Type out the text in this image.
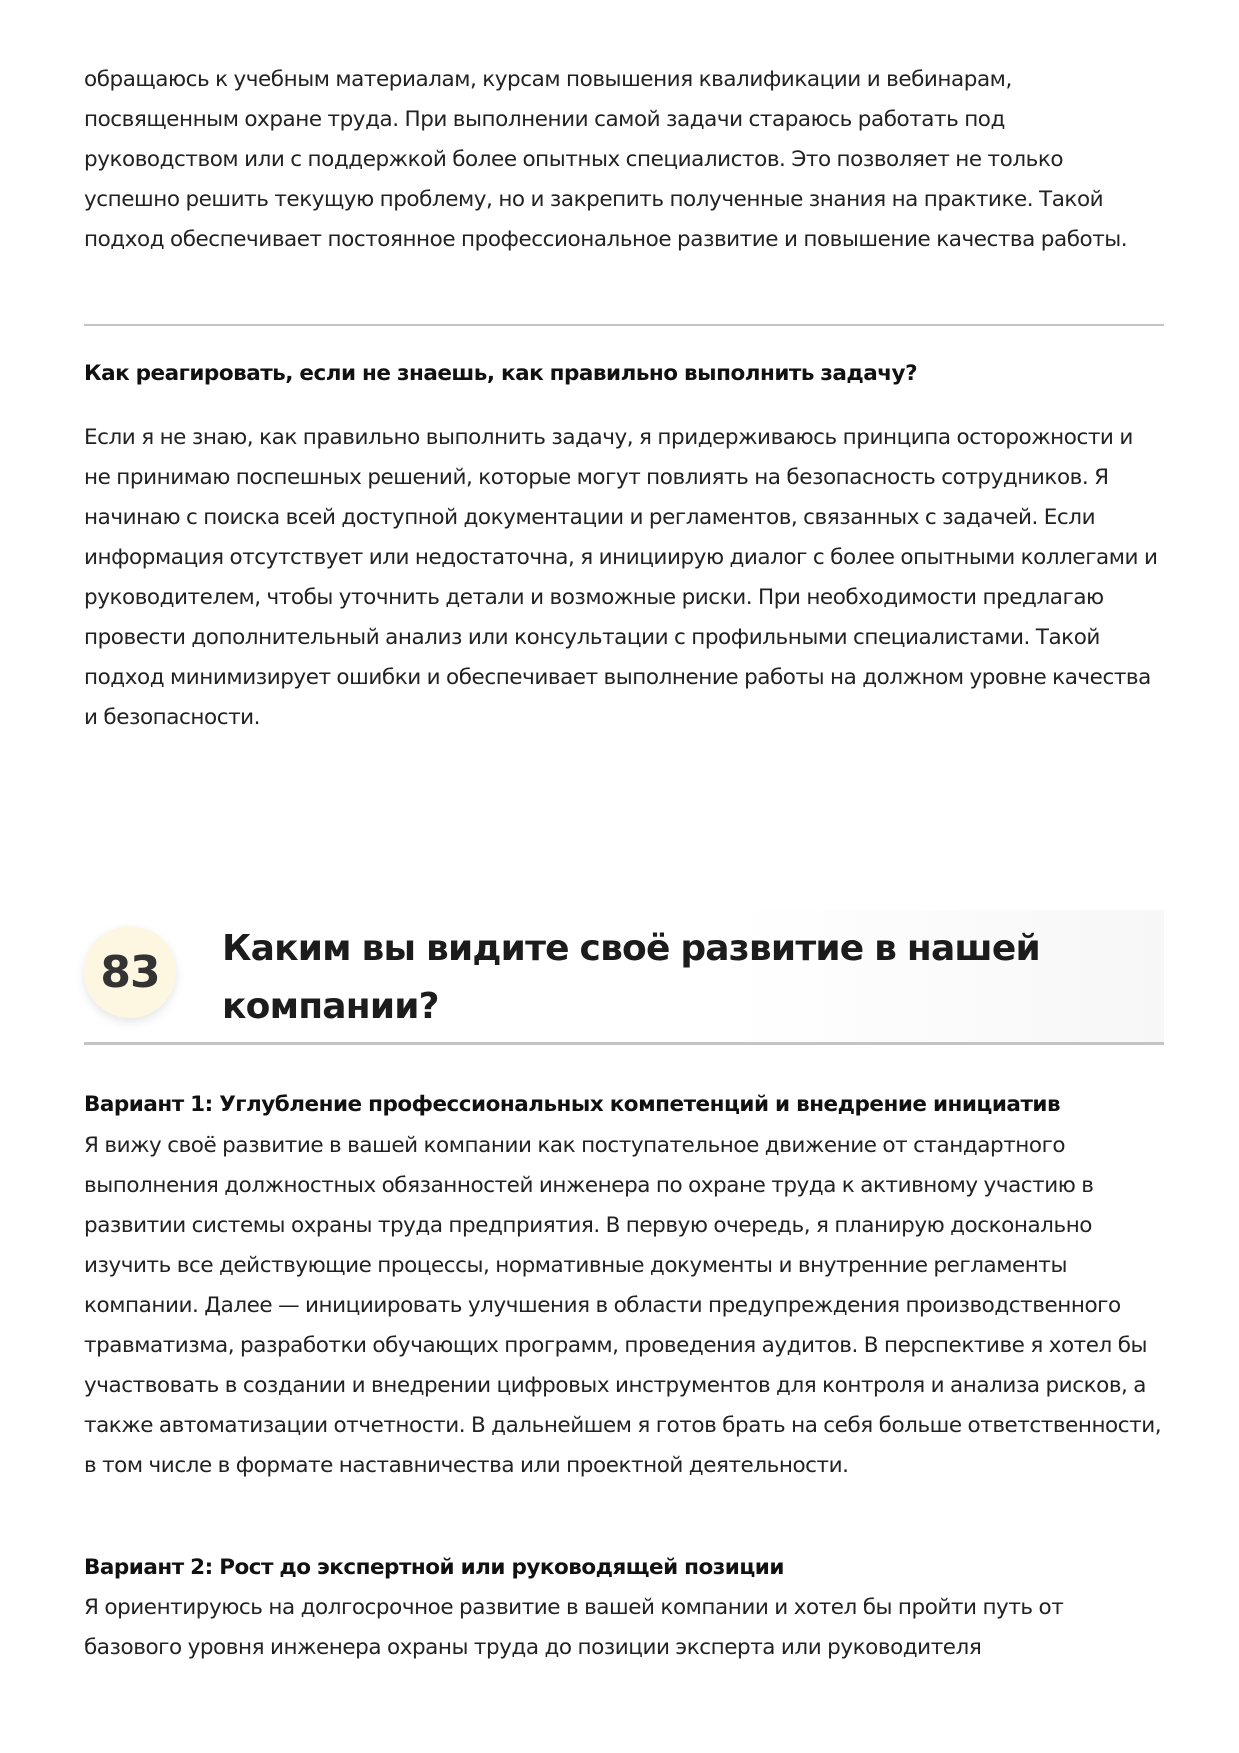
обращаюсь к учебным материалам, курсам повышения квалификации и вебинарам, посвященным охране труда. При выполнении самой задачи стараюсь работать под руководством или с поддержкой более опытных специалистов. Это позволяет не только успешно решить текущую проблему, но и закрепить полученные знания на практике. Такой подход обеспечивает постоянное профессиональное развитие и повышение качества работы.

Как реагировать, если не знаешь, как правильно выполнить задачу?

Если я не знаю, как правильно выполнить задачу, я придерживаюсь принципа осторожности и не принимаю поспешных решений, которые могут повлиять на безопасность сотрудников. Я начинаю с поиска всей доступной документации и регламентов, связанных с задачей. Если информация отсутствует или недостаточна, я инициирую диалог с более опытными коллегами и руководителем, чтобы уточнить детали и возможные риски. При необходимости предлагаю провести дополнительный анализ или консультации с профильными специалистами. Такой подход минимизирует ошибки и обеспечивает выполнение работы на должном уровне качества и безопасности.

83	Каким вы видите своё развитие в нашей компании?

Вариант 1: Углубление профессиональных компетенций и внедрение инициатив

Я вижу своё развитие в вашей компании как поступательное движение от стандартного выполнения должностных обязанностей инженера по охране труда к активному участию в развитии системы охраны труда предприятия. В первую очередь, я планирую досконально изучить все действующие процессы, нормативные документы и внутренние регламенты компании. Далее — инициировать улучшения в области предупреждения производственного травматизма, разработки обучающих программ, проведения аудитов. В перспективе я хотел бы участвовать в создании и внедрении цифровых инструментов для контроля и анализа рисков, а также автоматизации отчетности. В дальнейшем я готов брать на себя больше ответственности, в том числе в формате наставничества или проектной деятельности.

Вариант 2: Рост до экспертной или руководящей позиции

Я ориентируюсь на долгосрочное развитие в вашей компании и хотел бы пройти путь от базового уровня инженера охраны труда до позиции эксперта или руководителя
